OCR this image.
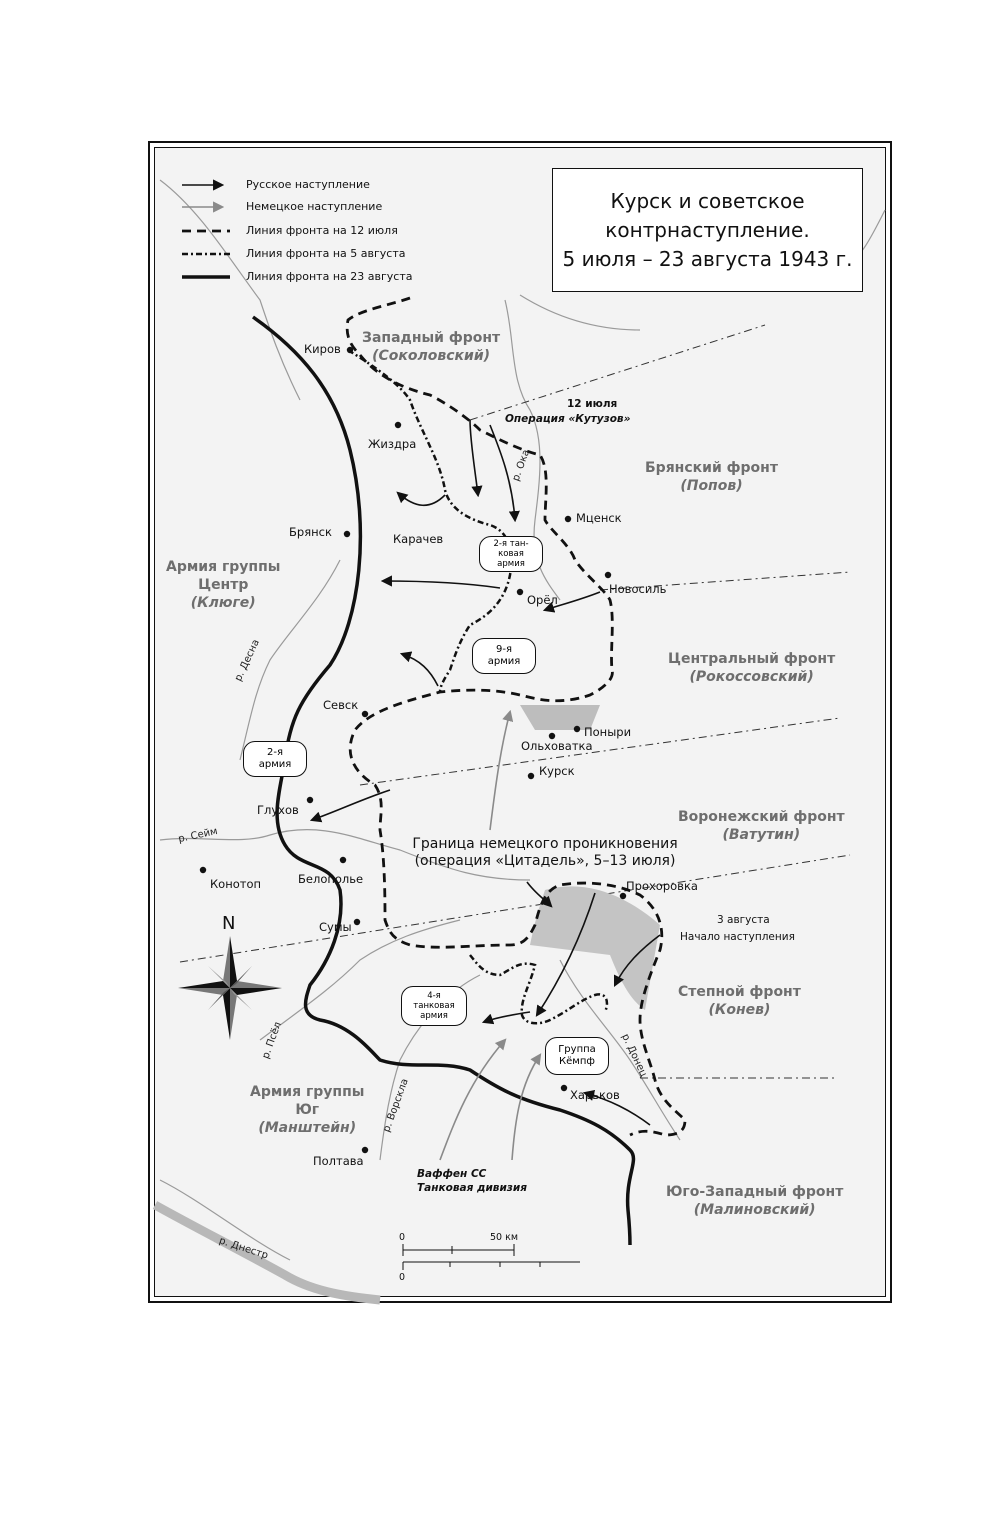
Русское наступление
Немецкое наступление
Линия фронта на 12 июля
Линия фронта на 5 августа
Линия фронта на 23 августа
Курск и советское
контрнаступление.
5 июля – 23 августа 1943 г.
Западный фронт
(Соколовский)
Брянский фронт
(Попов)
Центральный фронт
(Рокоссовский)
Воронежский фронт
(Ватутин)
Степной фронт
(Конев)
Юго-Западный фронт
(Малиновский)
Армия группы
Центр
(Клюге)
Армия группы
Юг
(Манштейн)
Киров
Жиздра
Брянск	Карачев
Мценск
Новосиль
Орёл
Севск
Поныри
Ольховатка
Курск
Глухов
Конотоп	Белополье
Сумы
Прохоровка
Харьков
Полтава
р. Ока
р. Десна
р. Сейм
р. Псёл
р. Ворскла
р. Донец
р. Днестр
2-я тан-
ковая
армия
9-я
армия
2-я
армия
4-я
танковая
армия
Группа
Кёмпф
12 июля
Операция «Кутузов»
3 августа
Начало наступления
Граница немецкого проникновения
(операция «Цитадель», 5–13 июля)
Ваффен СС
Танковая дивизия
N
0	50 км
0
